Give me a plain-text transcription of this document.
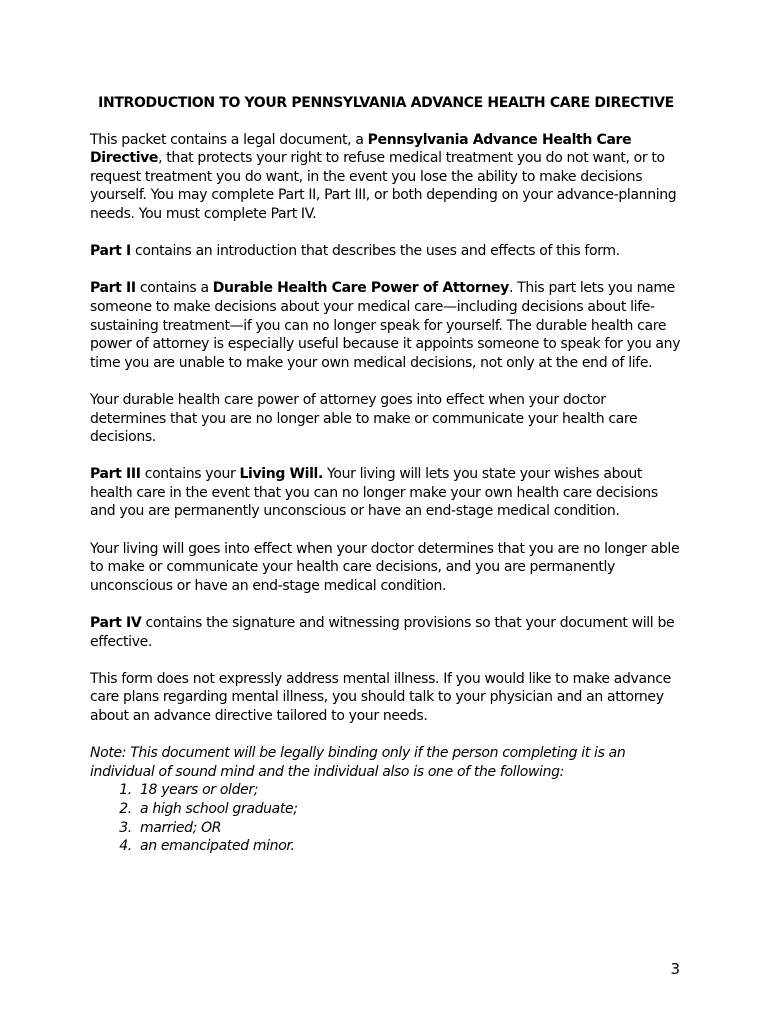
INTRODUCTION TO YOUR PENNSYLVANIA ADVANCE HEALTH CARE DIRECTIVE

This packet contains a legal document, a Pennsylvania Advance Health Care Directive, that protects your right to refuse medical treatment you do not want, or to request treatment you do want, in the event you lose the ability to make decisions yourself. You may complete Part II, Part III, or both depending on your advance-planning needs. You must complete Part IV.

Part I contains an introduction that describes the uses and effects of this form.

Part II contains a Durable Health Care Power of Attorney. This part lets you name someone to make decisions about your medical care—including decisions about life-sustaining treatment—if you can no longer speak for yourself. The durable health care power of attorney is especially useful because it appoints someone to speak for you any time you are unable to make your own medical decisions, not only at the end of life.

Your durable health care power of attorney goes into effect when your doctor determines that you are no longer able to make or communicate your health care decisions.

Part III contains your Living Will. Your living will lets you state your wishes about health care in the event that you can no longer make your own health care decisions and you are permanently unconscious or have an end-stage medical condition.

Your living will goes into effect when your doctor determines that you are no longer able to make or communicate your health care decisions, and you are permanently unconscious or have an end-stage medical condition.

Part IV contains the signature and witnessing provisions so that your document will be effective.

This form does not expressly address mental illness. If you would like to make advance care plans regarding mental illness, you should talk to your physician and an attorney about an advance directive tailored to your needs.

Note: This document will be legally binding only if the person completing it is an individual of sound mind and the individual also is one of the following:

1. 18 years or older;
2. a high school graduate;
3. married; OR
4. an emancipated minor.
3
